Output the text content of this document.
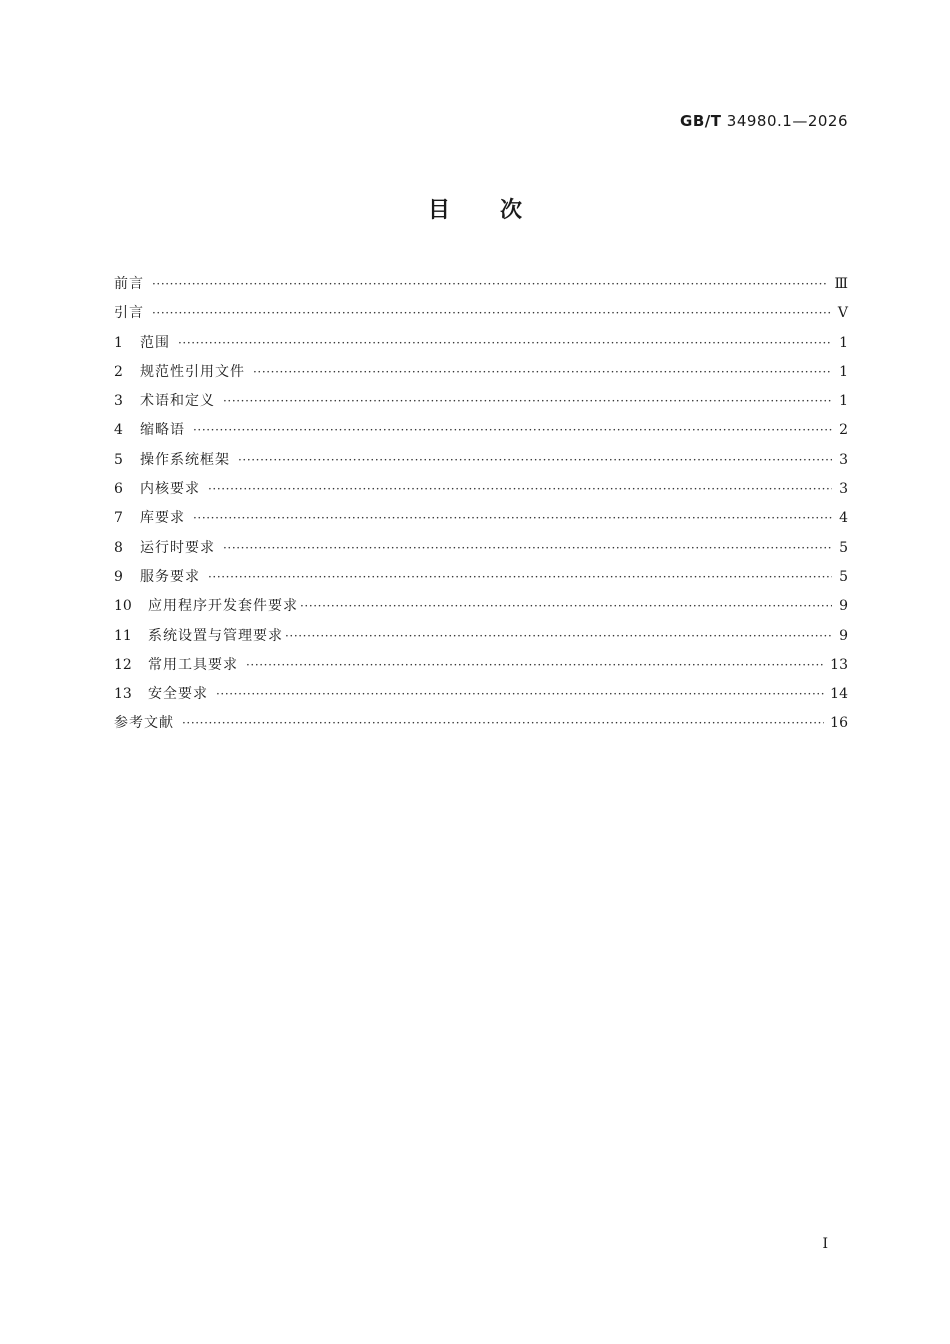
GB/T 34980.1—2026
目次
前言 ·····	Ⅲ
引言 ·····	Ⅴ
1	范围 ·····	1
2	规范性引用文件 ·····	1
3	术语和定义 ·····	1
4	缩略语 ·····	2
5	操作系统框架 ·····	3
6	内核要求 ·····	3
7	库要求 ·····	4
8	运行时要求 ·····	5
9	服务要求 ·····	5
10	应用程序开发套件要求 ·····	9
11	系统设置与管理要求 ·····	9
12	常用工具要求 ·····	13
13	安全要求 ·····	14
参考文献 ·····	16
Ⅰ
